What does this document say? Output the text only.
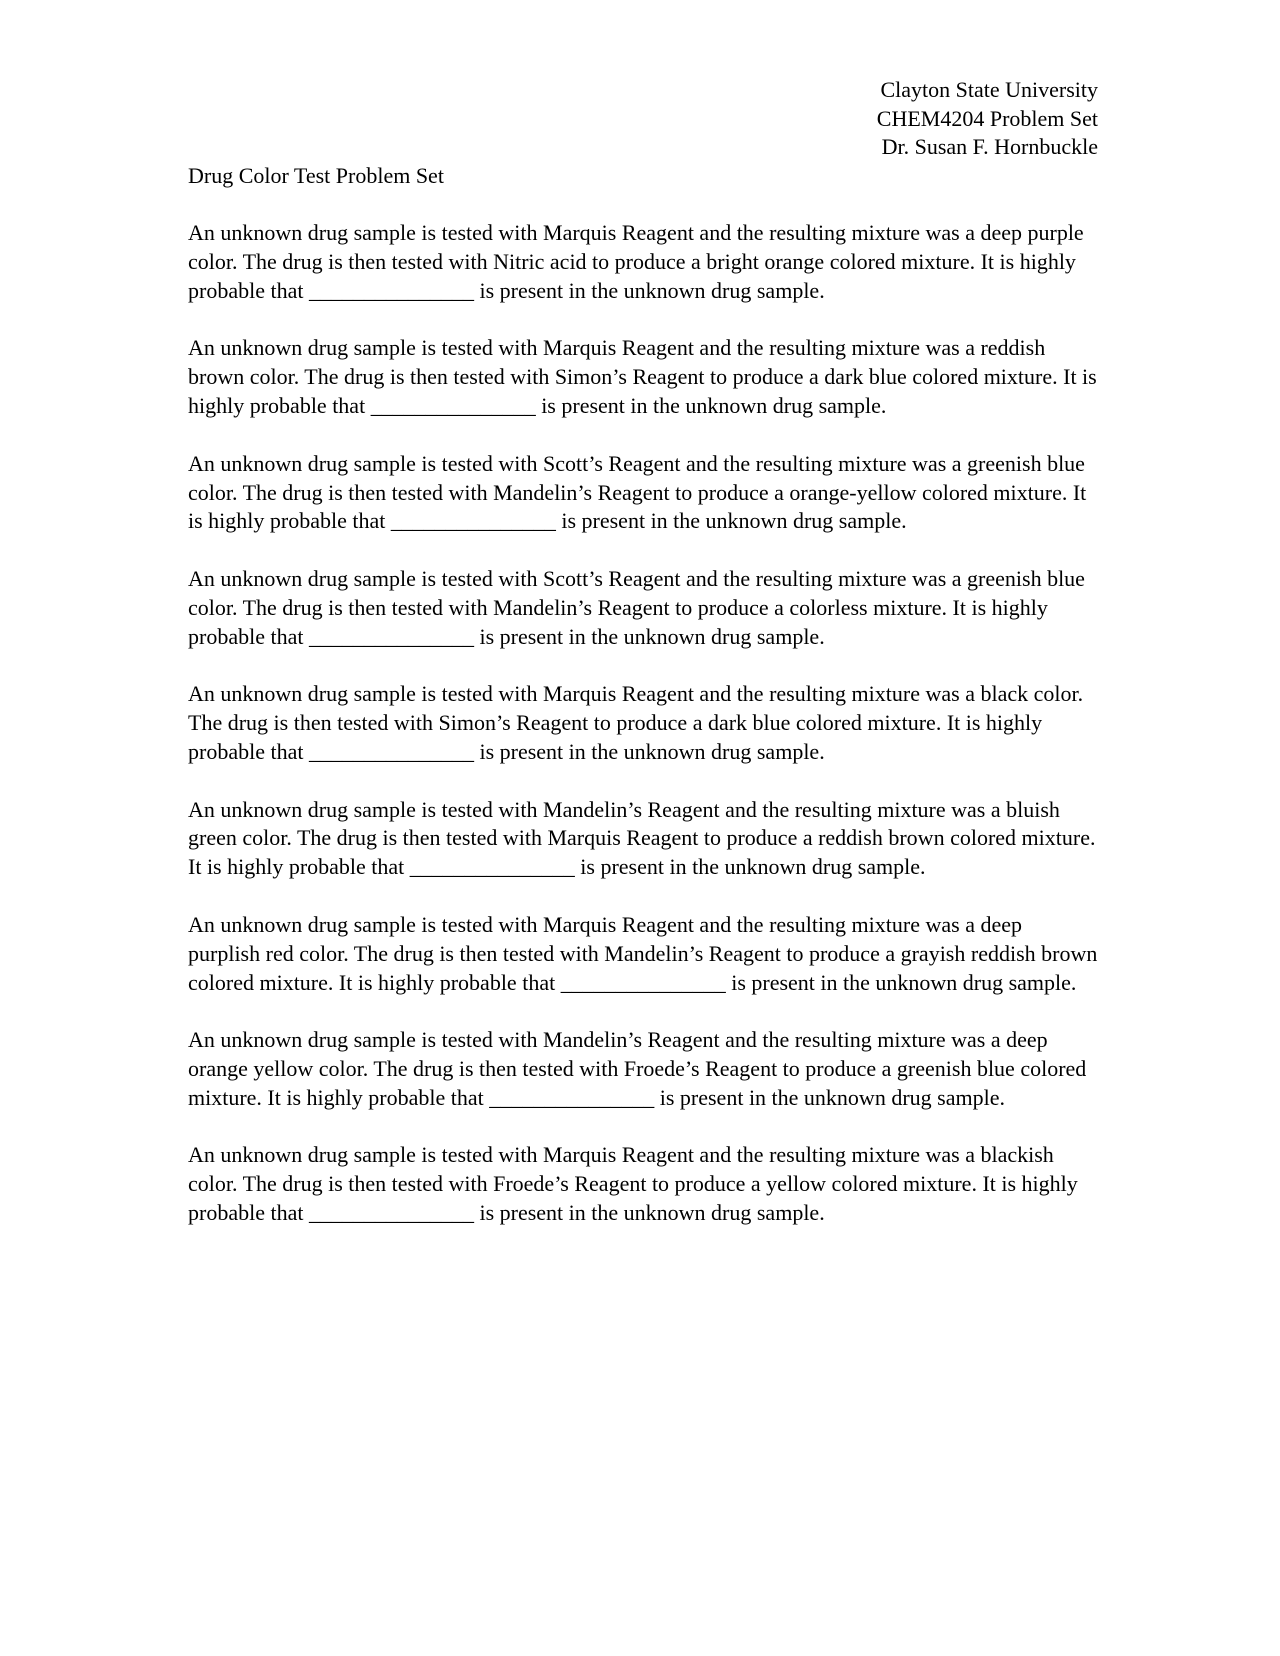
Clayton State University
CHEM4204 Problem Set
Dr. Susan F. Hornbuckle
Drug Color Test Problem Set

An unknown drug sample is tested with Marquis Reagent and the resulting mixture was a deep purple color. The drug is then tested with Nitric acid to produce a bright orange colored mixture. It is highly probable that _______________ is present in the unknown drug sample.

An unknown drug sample is tested with Marquis Reagent and the resulting mixture was a reddish brown color. The drug is then tested with Simon’s Reagent to produce a dark blue colored mixture. It is highly probable that _______________ is present in the unknown drug sample.

An unknown drug sample is tested with Scott’s Reagent and the resulting mixture was a greenish blue color. The drug is then tested with Mandelin’s Reagent to produce a orange-yellow colored mixture. It is highly probable that _______________ is present in the unknown drug sample.

An unknown drug sample is tested with Scott’s Reagent and the resulting mixture was a greenish blue color. The drug is then tested with Mandelin’s Reagent to produce a colorless mixture. It is highly probable that _______________ is present in the unknown drug sample.

An unknown drug sample is tested with Marquis Reagent and the resulting mixture was a black color. The drug is then tested with Simon’s Reagent to produce a dark blue colored mixture. It is highly probable that _______________ is present in the unknown drug sample.

An unknown drug sample is tested with Mandelin’s Reagent and the resulting mixture was a bluish green color. The drug is then tested with Marquis Reagent to produce a reddish brown colored mixture. It is highly probable that _______________ is present in the unknown drug sample.

An unknown drug sample is tested with Marquis Reagent and the resulting mixture was a deep purplish red color. The drug is then tested with Mandelin’s Reagent to produce a grayish reddish brown colored mixture. It is highly probable that _______________ is present in the unknown drug sample.

An unknown drug sample is tested with Mandelin’s Reagent and the resulting mixture was a deep orange yellow color. The drug is then tested with Froede’s Reagent to produce a greenish blue colored mixture. It is highly probable that _______________ is present in the unknown drug sample.

An unknown drug sample is tested with Marquis Reagent and the resulting mixture was a blackish color. The drug is then tested with Froede’s Reagent to produce a yellow colored mixture. It is highly probable that _______________ is present in the unknown drug sample.
